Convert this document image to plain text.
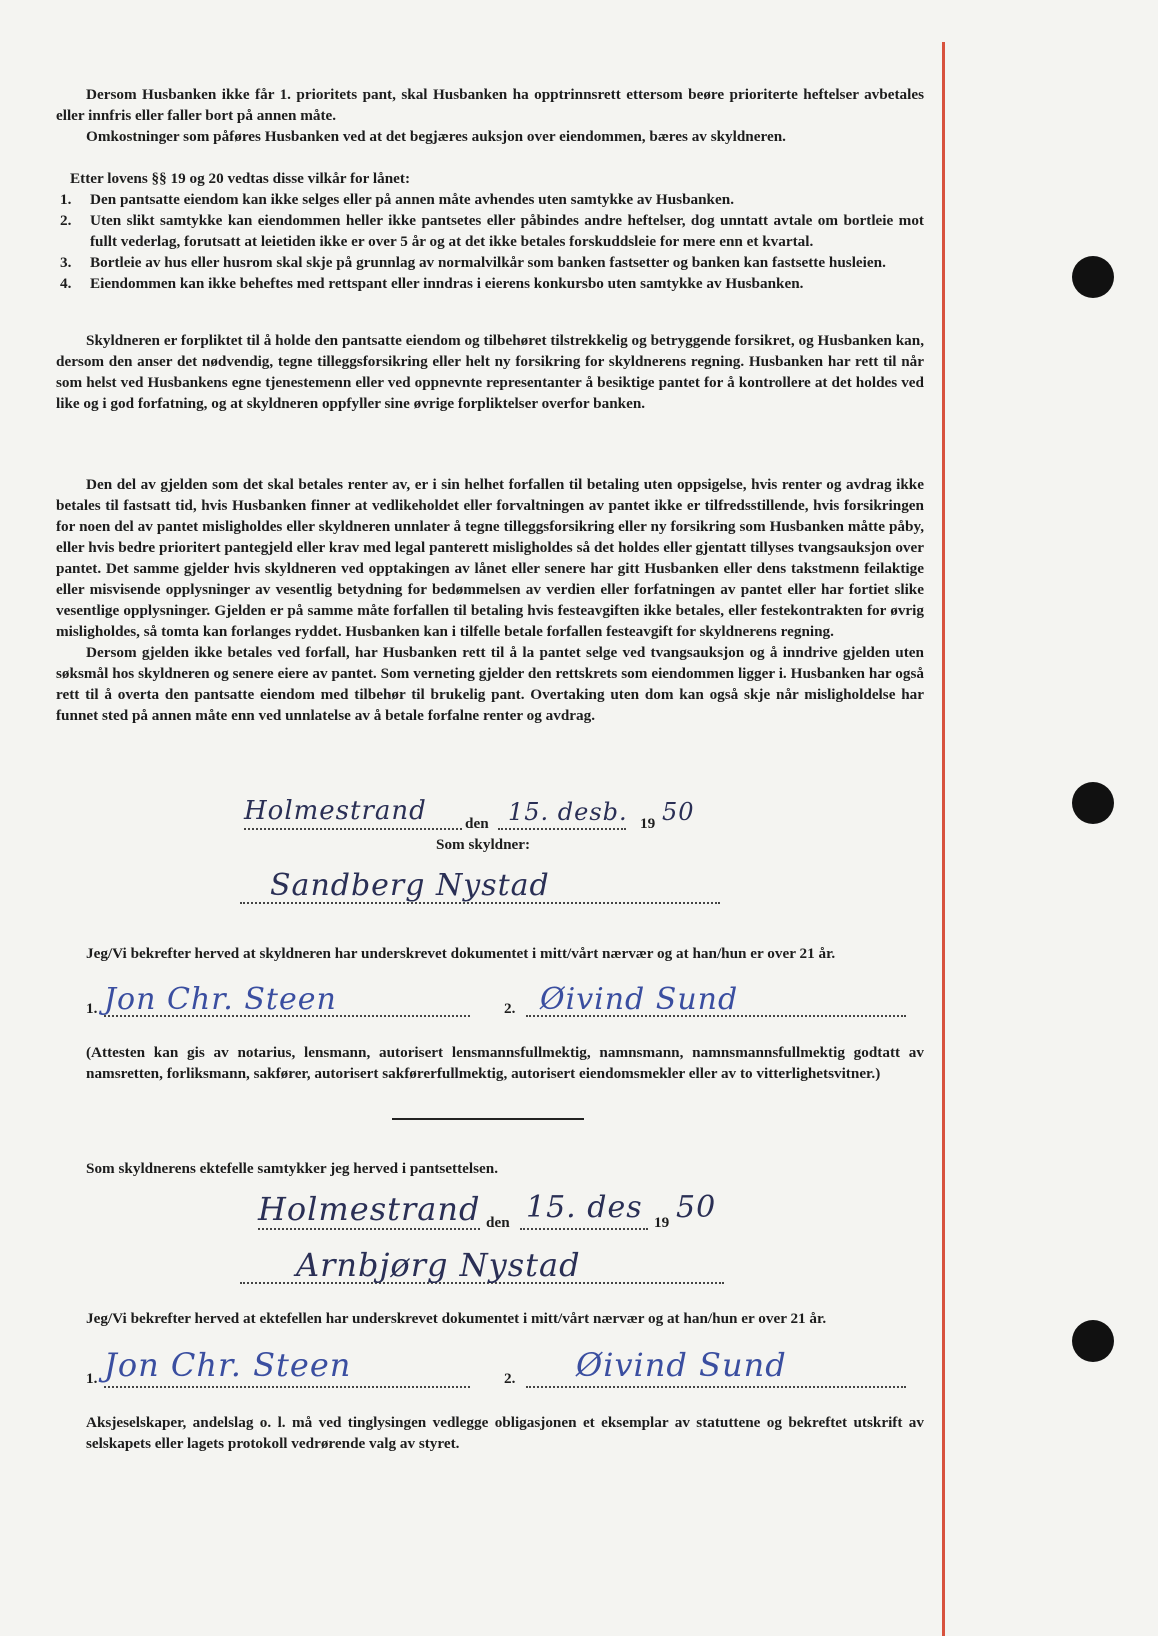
Dersom Husbanken ikke får 1. prioritets pant, skal Husbanken ha opptrinnsrett ettersom beøre prioriterte heftelser avbetales eller innfris eller faller bort på annen måte.

Omkostninger som påføres Husbanken ved at det begjæres auksjon over eiendommen, bæres av skyldneren.

Etter lovens §§ 19 og 20 vedtas disse vilkår for lånet:

1.	Den pantsatte eiendom kan ikke selges eller på annen måte avhendes uten samtykke av Husbanken.
2.	Uten slikt samtykke kan eiendommen heller ikke pantsetes eller påbindes andre heftelser, dog unntatt avtale om bortleie mot fullt vederlag, forutsatt at leietiden ikke er over 5 år og at det ikke betales forskuddsleie for mere enn et kvartal.
3.	Bortleie av hus eller husrom skal skje på grunnlag av normalvilkår som banken fastsetter og banken kan fastsette husleien.
4.	Eiendommen kan ikke beheftes med rettspant eller inndras i eierens konkursbo uten samtykke av Husbanken.

Skyldneren er forpliktet til å holde den pantsatte eiendom og tilbehøret tilstrekkelig og betryggende forsikret, og Husbanken kan, dersom den anser det nødvendig, tegne tilleggsforsikring eller helt ny forsikring for skyldnerens regning. Husbanken har rett til når som helst ved Husbankens egne tjenestemenn eller ved oppnevnte representanter å besiktige pantet for å kontrollere at det holdes ved like og i god forfatning, og at skyldneren oppfyller sine øvrige forpliktelser overfor banken.

Den del av gjelden som det skal betales renter av, er i sin helhet forfallen til betaling uten oppsigelse, hvis renter og avdrag ikke betales til fastsatt tid, hvis Husbanken finner at vedlikeholdet eller forvaltningen av pantet ikke er tilfredsstillende, hvis forsikringen for noen del av pantet misligholdes eller skyldneren unnlater å tegne tilleggsforsikring eller ny forsikring som Husbanken måtte påby, eller hvis bedre prioritert pantegjeld eller krav med legal panterett misligholdes så det holdes eller gjentatt tillyses tvangsauksjon over pantet. Det samme gjelder hvis skyldneren ved opptakingen av lånet eller senere har gitt Husbanken eller dens takstmenn feilaktige eller misvisende opplysninger av vesentlig betydning for bedømmelsen av verdien eller forfatningen av pantet eller har fortiet slike vesentlige opplysninger. Gjelden er på samme måte forfallen til betaling hvis festeavgiften ikke betales, eller festekontrakten for øvrig misligholdes, så tomta kan forlanges ryddet. Husbanken kan i tilfelle betale forfallen festeavgift for skyldnerens regning.

Dersom gjelden ikke betales ved forfall, har Husbanken rett til å la pantet selge ved tvangsauksjon og å inndrive gjelden uten søksmål hos skyldneren og senere eiere av pantet. Som verneting gjelder den rettskrets som eiendommen ligger i. Husbanken har også rett til å overta den pantsatte eiendom med tilbehør til brukelig pant. Overtaking uten dom kan også skje når misligholdelse har funnet sted på annen måte enn ved unnlatelse av å betale forfalne renter og avdrag.

Holmestrand	den 15. desb. 19 50
Som skyldner:
Sandberg Nystad
Jeg/Vi bekrefter herved at skyldneren har underskrevet dokumentet i mitt/vårt nærvær og at han/hun er over 21 år.
1. Jon Chr. Steen	2. Øivind Sund

(Attesten kan gis av notarius, lensmann, autorisert lensmannsfullmektig, namnsmann, namnsmannsfullmektig godtatt av namsretten, forliksmann, sakfører, autorisert sakførerfullmektig, autorisert eiendomsmekler eller av to vitterlighetsvitner.)

Som skyldnerens ektefelle samtykker jeg herved i pantsettelsen.
Holmestrand den 15. des 19 50
Arnbjørg Nystad
Jeg/Vi bekrefter herved at ektefellen har underskrevet dokumentet i mitt/vårt nærvær og at han/hun er over 21 år.
1. Jon Chr. Steen	2. Øivind Sund

Aksjeselskaper, andelslag o. l. må ved tinglysingen vedlegge obligasjonen et eksemplar av statuttene og bekreftet utskrift av selskapets eller lagets protokoll vedrørende valg av styret.
